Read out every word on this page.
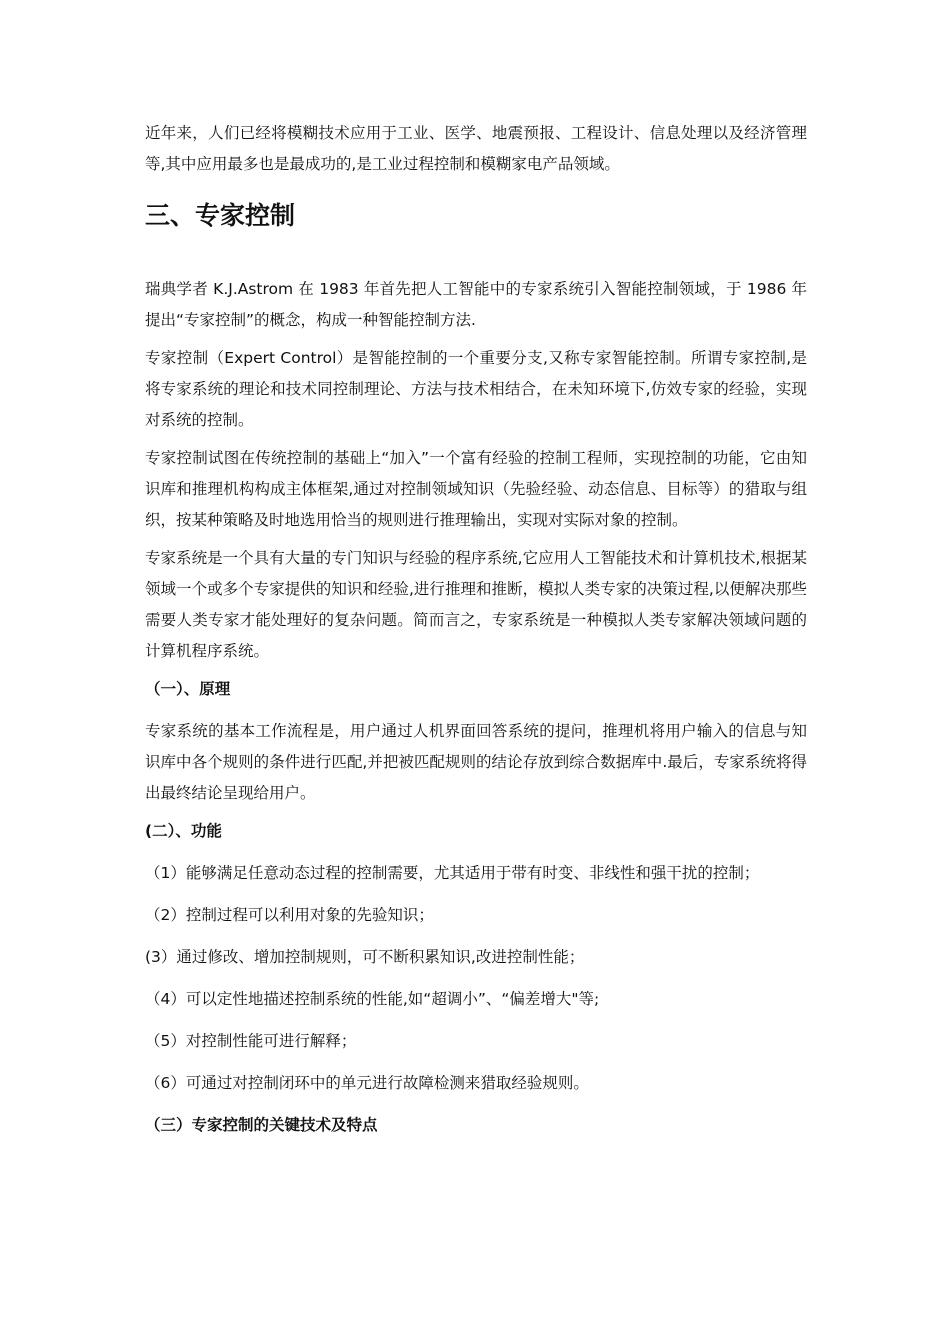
近年来，人们已经将模糊技术应用于工业、医学、地震预报、工程设计、信息处理以及经济管理等,其中应用最多也是最成功的,是工业过程控制和模糊家电产品领域。

三、专家控制

瑞典学者 K.J.Astrom 在 1983 年首先把人工智能中的专家系统引入智能控制领域，于 1986 年提出“专家控制”的概念，构成一种智能控制方法.

专家控制（Expert Control）是智能控制的一个重要分支,又称专家智能控制。所谓专家控制,是将专家系统的理论和技术同控制理论、方法与技术相结合，在未知环境下,仿效专家的经验，实现对系统的控制。

专家控制试图在传统控制的基础上“加入”一个富有经验的控制工程师，实现控制的功能，它由知识库和推理机构构成主体框架,通过对控制领域知识（先验经验、动态信息、目标等）的猎取与组织，按某种策略及时地选用恰当的规则进行推理输出，实现对实际对象的控制。

专家系统是一个具有大量的专门知识与经验的程序系统,它应用人工智能技术和计算机技术,根据某领域一个或多个专家提供的知识和经验,进行推理和推断，模拟人类专家的决策过程,以便解决那些需要人类专家才能处理好的复杂问题。简而言之，专家系统是一种模拟人类专家解决领域问题的计算机程序系统。

（一）、原理

专家系统的基本工作流程是，用户通过人机界面回答系统的提问，推理机将用户输入的信息与知识库中各个规则的条件进行匹配,并把被匹配规则的结论存放到综合数据库中.最后，专家系统将得出最终结论呈现给用户。

(二）、功能
（1）能够满足任意动态过程的控制需要，尤其适用于带有时变、非线性和强干扰的控制；
（2）控制过程可以利用对象的先验知识；
(3）通过修改、增加控制规则，可不断积累知识,改进控制性能；
（4）可以定性地描述控制系统的性能,如“超调小”、“偏差增大"等;
（5）对控制性能可进行解释；
（6）可通过对控制闭环中的单元进行故障检测来猎取经验规则。
（三）专家控制的关键技术及特点
